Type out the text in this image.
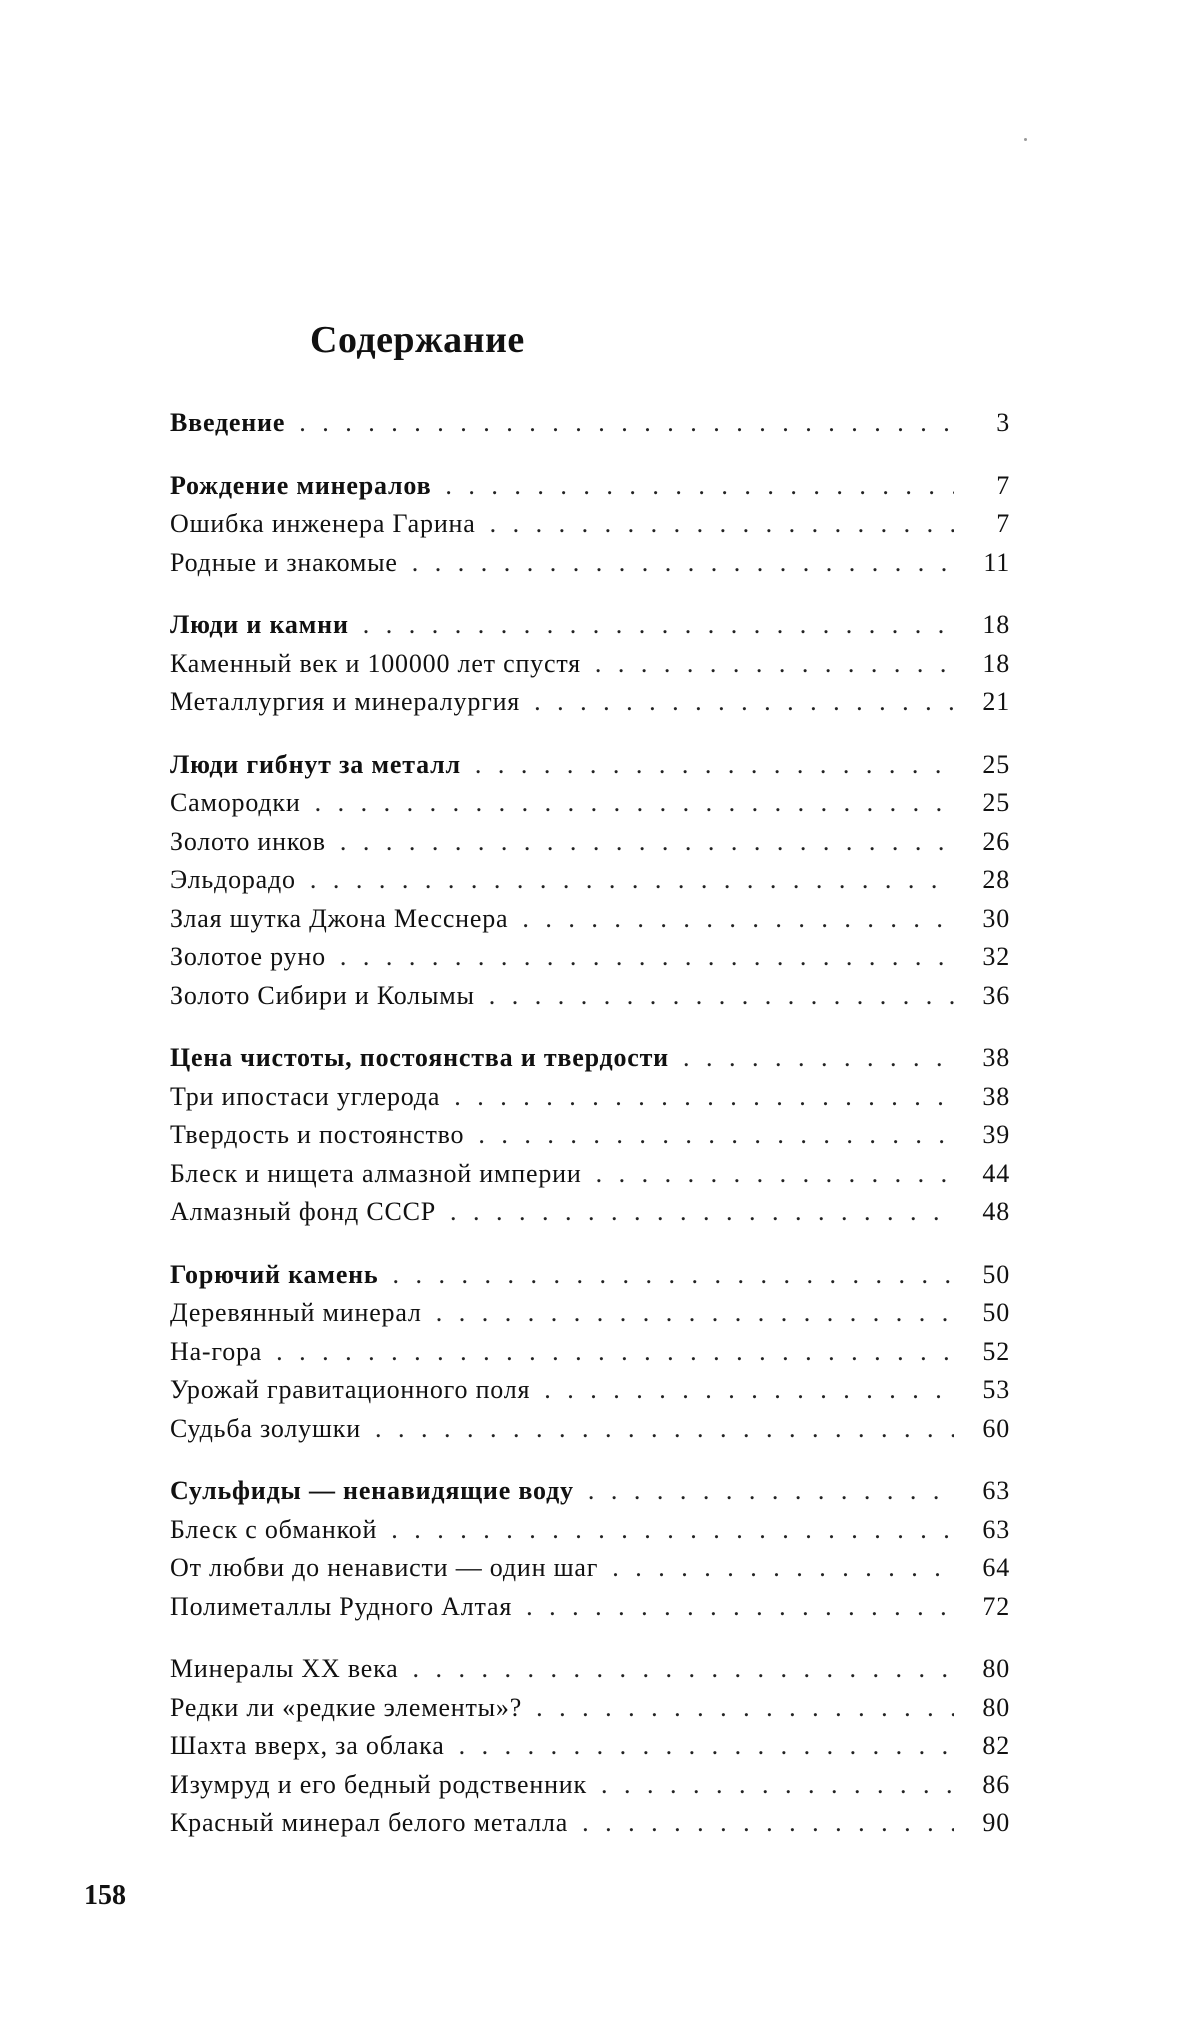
Содержание
Введение . . .	3
Рождение минералов . . .	7
Ошибка инженера Гарина . . .	7
Родные и знакомые . . .	11
Люди и камни . . .	18
Каменный век и 100000 лет спустя . . .	18
Металлургия и минералургия . . .	21
Люди гибнут за металл . . .	25
Самородки . . .	25
Золото инков . . .	26
Эльдорадо . . .	28
Злая шутка Джона Месснера . . .	30
Золотое руно . . .	32
Золото Сибири и Колымы . . .	36
Цена чистоты, постоянства и твердости . . .	38
Три ипостаси углерода . . .	38
Твердость и постоянство . . .	39
Блеск и нищета алмазной империи . . .	44
Алмазный фонд СССР . . .	48
Горючий камень . . .	50
Деревянный минерал . . .	50
На-гора . . .	52
Урожай гравитационного поля . . .	53
Судьба золушки . . .	60
Сульфиды — ненавидящие воду . . .	63
Блеск с обманкой . . .	63
От любви до ненависти — один шаг . . .	64
Полиметаллы Рудного Алтая . . .	72
Минералы XX века . . .	80
Редки ли «редкие элементы»? . . .	80
Шахта вверх, за облака . . .	82
Изумруд и его бедный родственник . . .	86
Красный минерал белого металла . . .	90
158
